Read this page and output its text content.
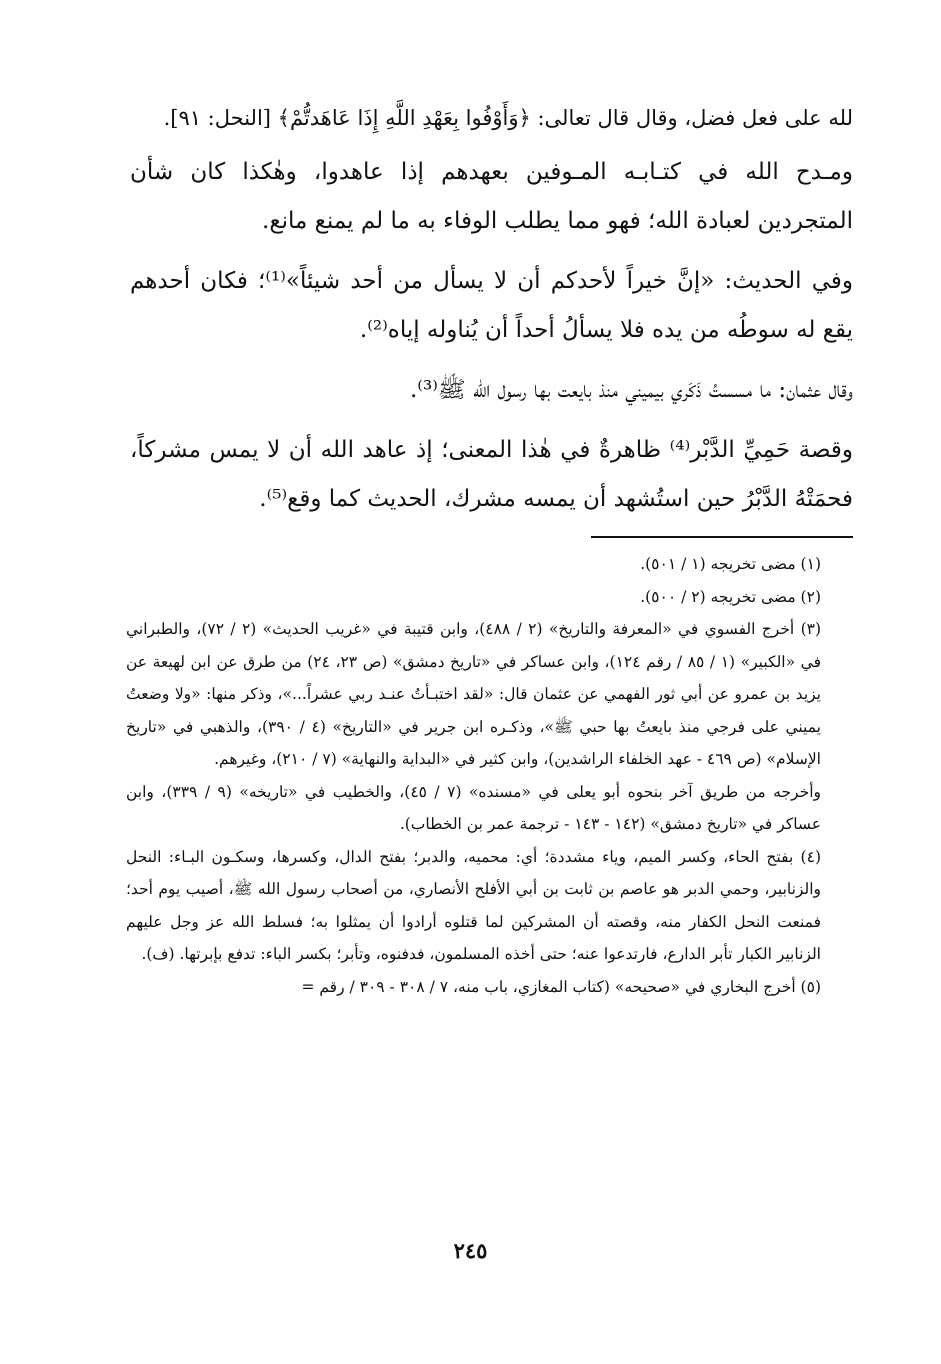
لله على فعل فضل، وقال قال تعالى: ﴿وَأَوْفُوا بِعَهْدِ اللَّهِ إِذَا عَاهَدتُّمْ﴾ [النحل: ٩١].

ومـدح الله في كتـابـه المـوفين بعهدهم إذا عاهدوا، وهٰكذا كان شأن المتجردين لعبادة الله؛ فهو مما يطلب الوفاء به ما لم يمنع مانع.

وفي الحديث: «إنَّ خيراً لأحدكم أن لا يسأل من أحد شيئاً»⁽¹⁾؛ فكان أحدهم يقع له سوطُه من يده فلا يسألُ أحداً أن يُناوله إياه⁽²⁾.

وقال عثمان: ما مسستُ ذَكَري بيميني منذ بايعت بها رسول الله ﷺ⁽³⁾.

وقصة حَمِيِّ الدَّبْر⁽⁴⁾ ظاهرةٌ في هٰذا المعنى؛ إذ عاهد الله أن لا يمس مشركاً، فحمَتْهُ الدَّبْرُ حين استُشهد أن يمسه مشرك، الحديث كما وقع⁽⁵⁾.

(١) مضى تخريجه (١ / ٥٠١).

(٢) مضى تخريجه (٢ / ٥٠٠).

(٣) أخرج الفسوي في «المعرفة والتاريخ» (٢ / ٤٨٨)، وابن قتيبة في «غريب الحديث» (٢ / ٧٢)، والطبراني في «الكبير» (١ / ٨٥ / رقم ١٢٤)، وابن عساكر في «تاريخ دمشق» (ص ٢٣، ٢٤) من طرق عن ابن لهيعة عن يزيد بن عمرو عن أبي ثور الفهمي عن عثمان قال: «لقد اختبـأتُ عنـد ربي عشراً...»، وذكر منها: «ولا وضعتُ يميني على فرجي منذ بايعتُ بها حبي ﷺ»، وذكـره ابن جرير في «التاريخ» (٤ / ٣٩٠)، والذهبي في «تاريخ الإسلام» (ص ٤٦٩ - عهد الخلفاء الراشدين)، وابن كثير في «البداية والنهاية» (٧ / ٢١٠)، وغيرهم.

وأخرجه من طريق آخر بنحوه أبو يعلى في «مسنده» (٧ / ٤٥)، والخطيب في «تاريخه» (٩ / ٣٣٩)، وابن عساكر في «تاريخ دمشق» (١٤٢ - ١٤٣ - ترجمة عمر بن الخطاب).

(٤) بفتح الحاء، وكسر الميم، وياء مشددة؛ أي: محميه، والدبر؛ بفتح الدال، وكسرها، وسكـون البـاء: النحل والزنابير، وحمي الدبر هو عاصم بن ثابت بن أبي الأفلح الأنصاري، من أصحاب رسول الله ﷺ، أصيب يوم أحد؛ فمنعت النحل الكفار منه، وقصته أن المشركين لما قتلوه أرادوا أن يمثلوا به؛ فسلط الله عز وجل عليهم الزنابير الكبار تأبر الدارع، فارتدعوا عنه؛ حتى أخذه المسلمون، فدفنوه، وتأبر؛ بكسر الباء: تدفع بإبرتها. (ف).

(٥) أخرج البخاري في «صحيحه» (كتاب المغازي، باب منه، ٧ / ٣٠٨ - ٣٠٩ / رقم =

٢٤٥
